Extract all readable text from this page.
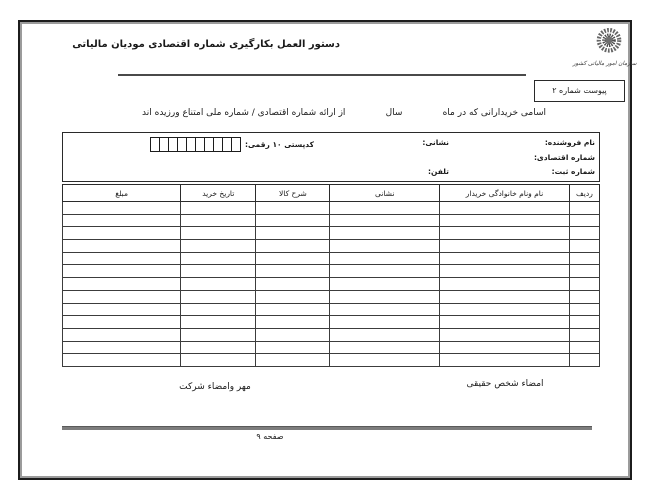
دستور العمل بکارگیری شماره اقتصادی مودیان مالیاتی
سازمان امور مالیاتی کشور
پیوست شماره ۲
اسامی خریدارانی که در ماه
سال
از ارائه شماره اقتصادی / شماره ملی امتناع ورزیده اند
نام فروشنده:
نشانی:
کدپستی ۱۰ رقمی:
شماره اقتصادی:
شماره ثبت:
تلفن:
ردیف	نام ونام خانوادگی خریدار	نشانی	شرح کالا	تاریخ خرید	مبلغ

امضاء شخص حقیقی
مهر وامضاء شرکت
صفحه ۹
